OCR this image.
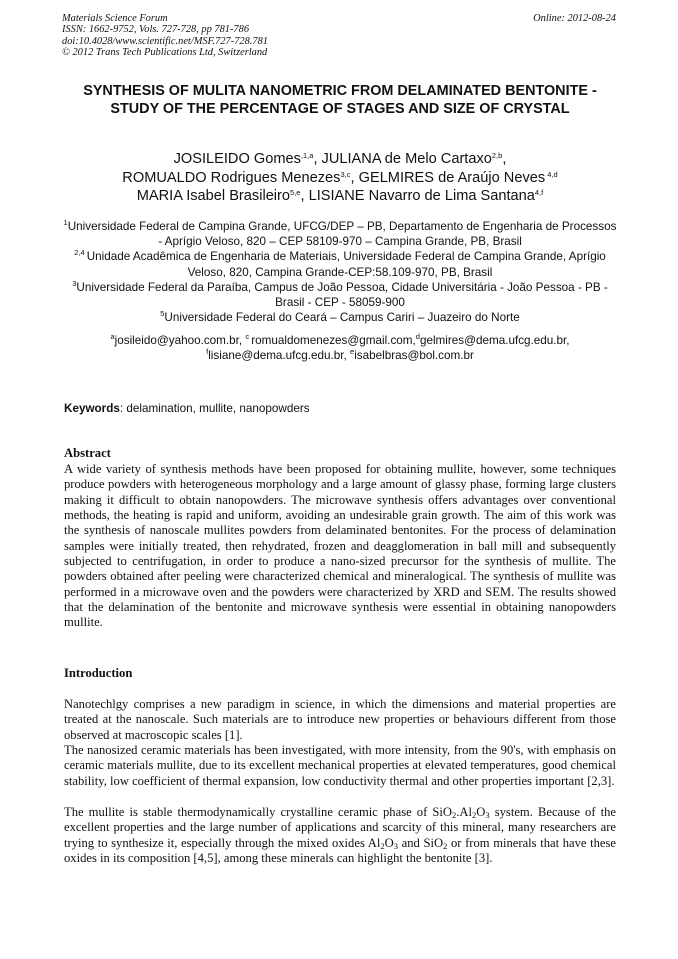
Materials Science Forum
ISSN: 1662-9752, Vols. 727-728, pp 781-786
doi:10.4028/www.scientific.net/MSF.727-728.781
© 2012 Trans Tech Publications Ltd, Switzerland
Online: 2012-08-24
SYNTHESIS OF MULITA NANOMETRIC FROM DELAMINATED BENTONITE -STUDY OF THE PERCENTAGE OF STAGES AND SIZE OF CRYSTAL
JOSILEIDO Gomes$^{,1,a}$, JULIANA de Melo Cartaxo$^{2,b}$,
ROMUALDO Rodrigues Menezes$^{3,c}$, GELMIRES de Araújo Neves $^{4,d}$
MARIA Isabel Brasileiro$^{5,e}$, LISIANE Navarro de Lima Santana$^{4,f}$
$^1$Universidade Federal de Campina Grande, UFCG/DEP – PB, Departamento de Engenharia de Processos - Aprígio Veloso, 820 – CEP 58109-970 – Campina Grande, PB, Brasil
$^{2,4}$ Unidade Acadêmica de Engenharia de Materiais, Universidade Federal de Campina Grande, Aprígio Veloso, 820, Campina Grande-CEP:58.109-970, PB, Brasil
$^3$Universidade Federal da Paraíba, Campus de João Pessoa, Cidade Universitária - João Pessoa - PB - Brasil - CEP - 58059-900
$^5$Universidade Federal do Ceará – Campus Cariri – Juazeiro do Norte
$^a$josileido@yahoo.com.br, $^c$ romualdomenezes@gmail.com,$^d$gelmires@dema.ufcg.edu.br,
$^f$lisiane@dema.ufcg.edu.br, $^e$isabelbras@bol.com.br
Keywords: delamination, mullite, nanopowders
Abstract
A wide variety of synthesis methods have been proposed for obtaining mullite, however, some techniques produce powders with heterogeneous morphology and a large amount of glassy phase, forming large clusters making it difficult to obtain nanopowders. The microwave synthesis offers advantages over conventional methods, the heating is rapid and uniform, avoiding an undesirable grain growth. The aim of this work was the synthesis of nanoscale mullites powders from delaminated bentonites. For the process of delamination samples were initially treated, then rehydrated, frozen and deagglomeration in ball mill and subsequently subjected to centrifugation, in order to produce a nano-sized precursor for the synthesis of mullite. The powders obtained after peeling were characterized chemical and mineralogical. The synthesis of mullite was performed in a microwave oven and the powders were characterized by XRD and SEM. The results showed that the delamination of the bentonite and microwave synthesis were essential in obtaining nanopowders mullite.
Introduction

Nanotechlgy comprises a new paradigm in science, in which the dimensions and material properties are treated at the nanoscale. Such materials are to introduce new properties or behaviours different from those observed at macroscopic scales [1].

The nanosized ceramic materials has been investigated, with more intensity, from the 90's, with emphasis on ceramic materials mullite, due to its excellent mechanical properties at elevated temperatures, good chemical stability, low coefficient of thermal expansion, low conductivity thermal and other properties important [2,3].

The mullite is stable thermodynamically crystalline ceramic phase of $SiO_2.Al_2O_3$ system. Because of the excellent properties and the large number of applications and scarcity of this mineral, many researchers are trying to synthesize it, especially through the mixed oxides $Al_2O_3$ and SiO$_2$ or from minerals that have these oxides in its composition [4,5], among these minerals can highlight the bentonite [3].
